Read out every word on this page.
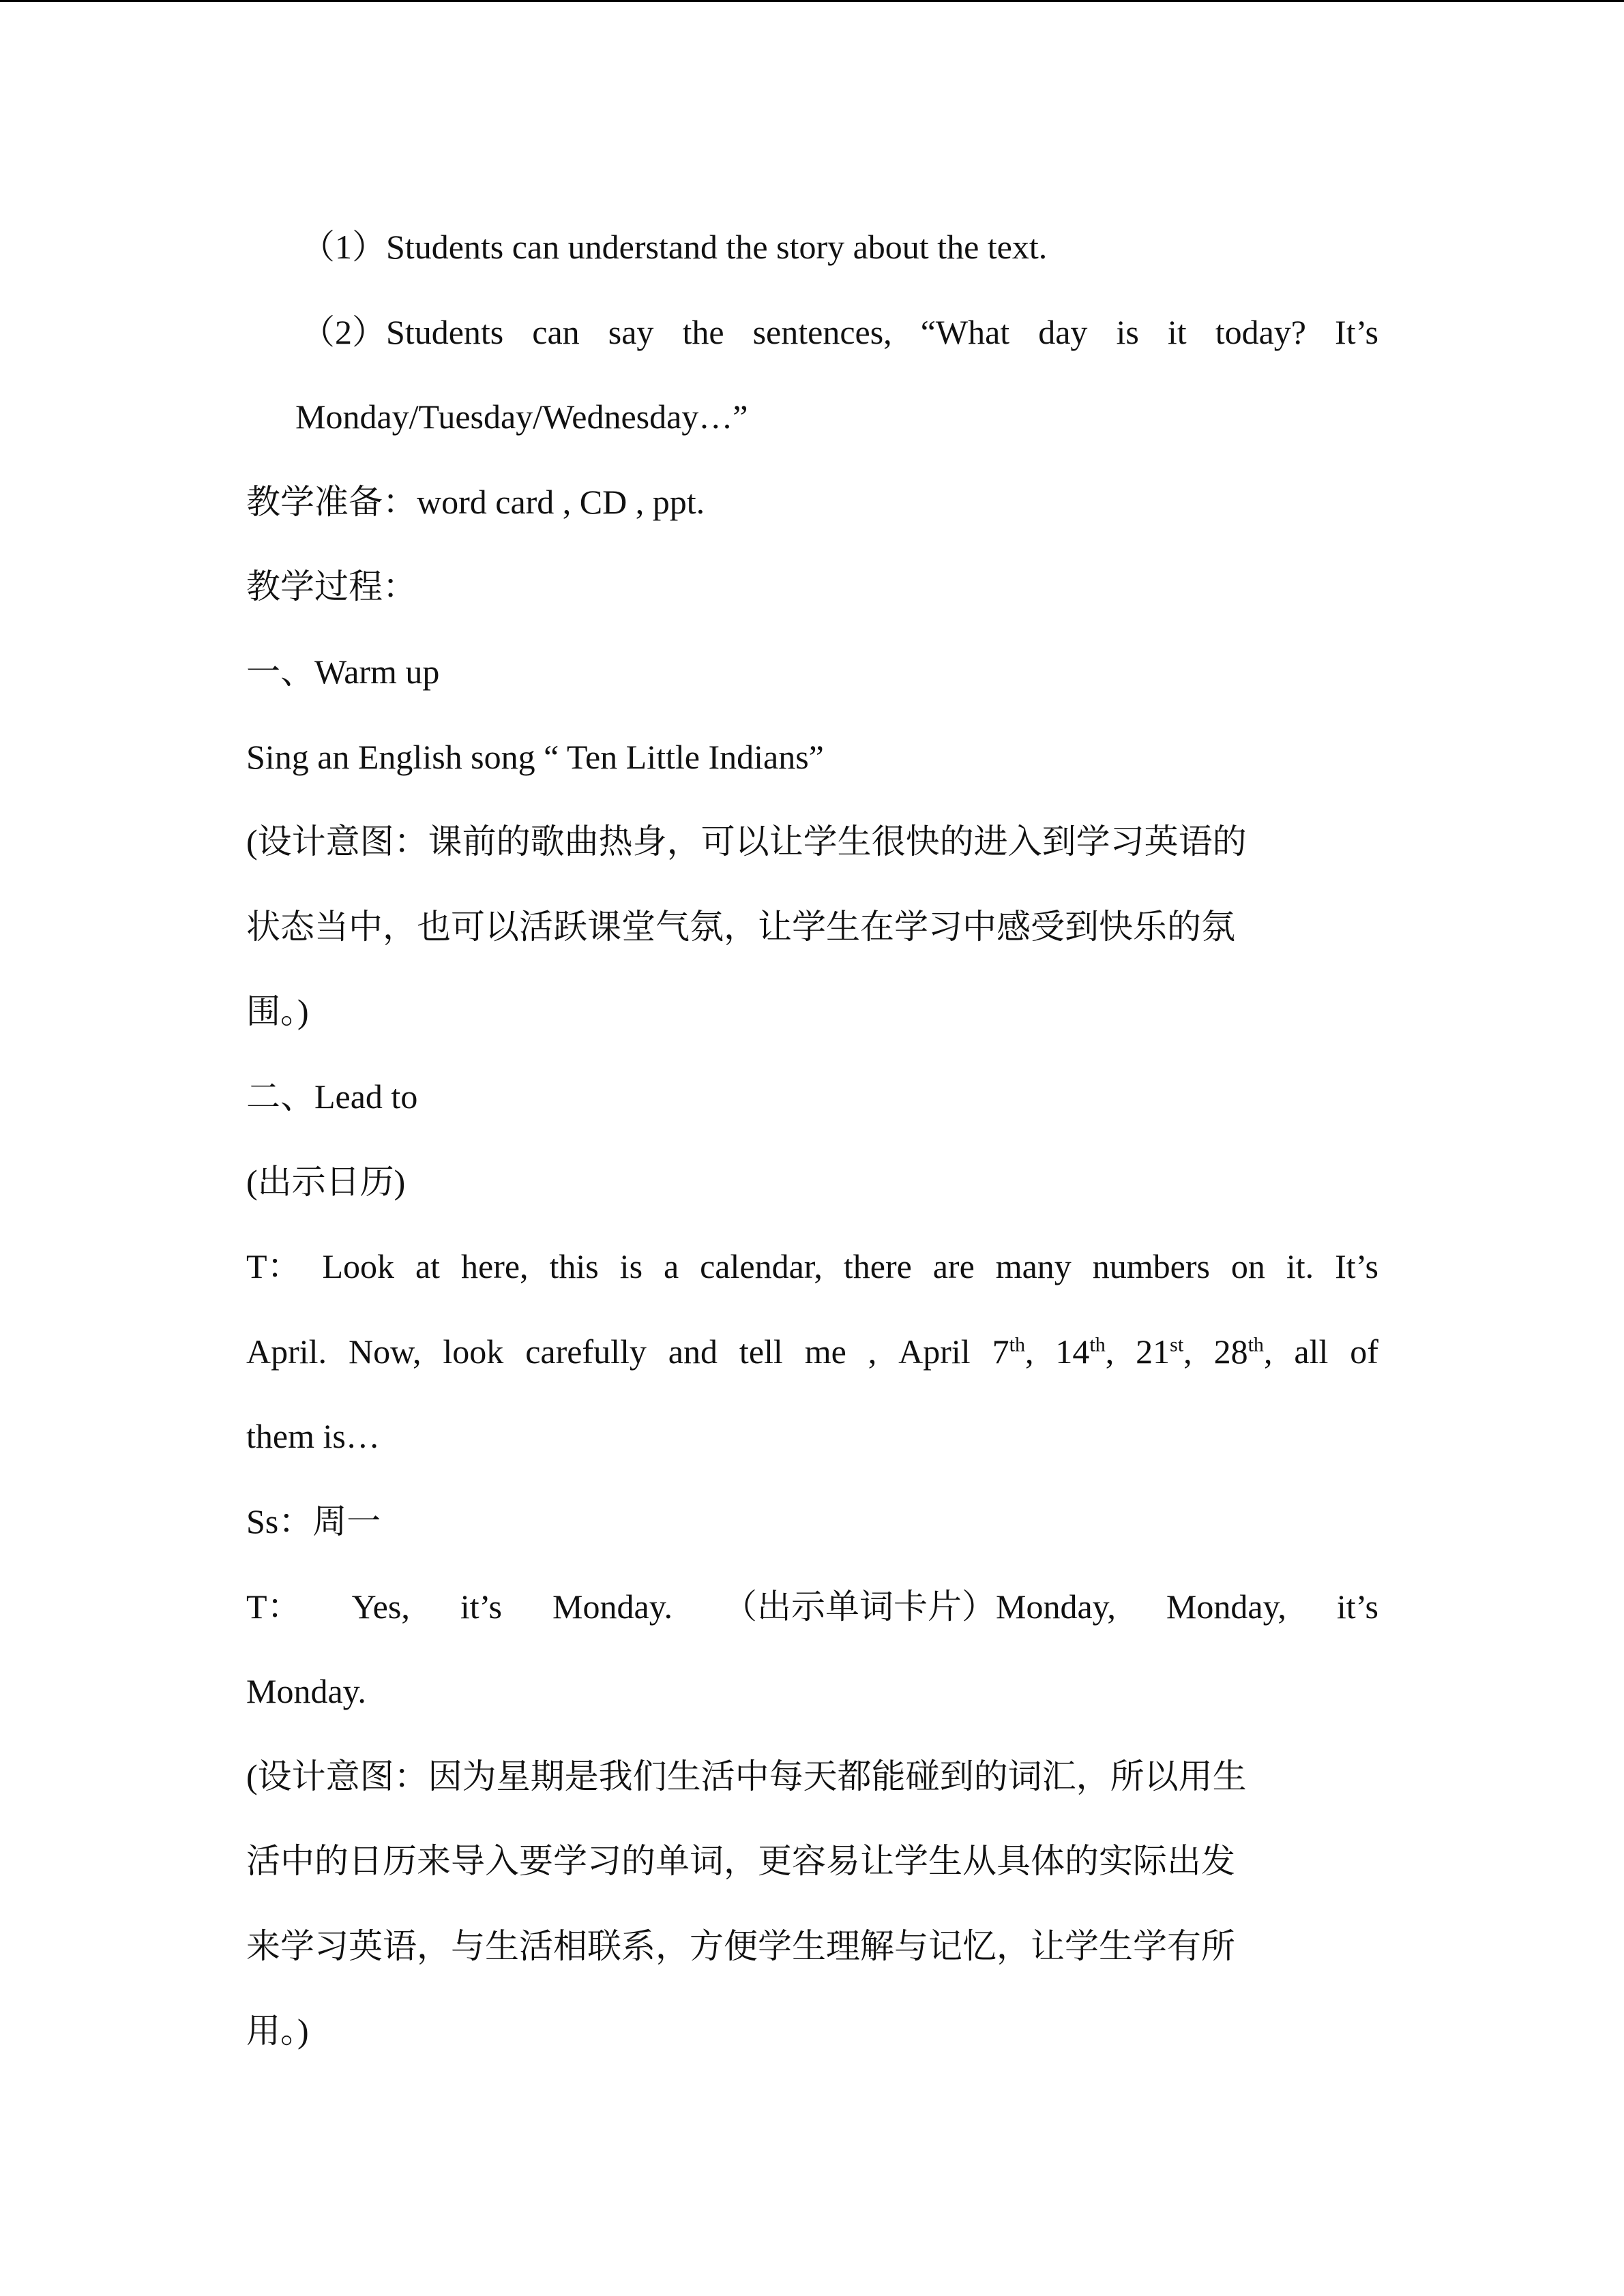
（1）Students can understand the story about the text.
（2）Students can say the sentences, “What day is it today? It’s
Monday/Tuesday/Wednesday…”
教学准备：word card , CD , ppt.
教学过程：
一、Warm up
Sing an English song “ Ten Little Indians”
(设计意图：课前的歌曲热身，可以让学生很快的进入到学习英语的
状态当中，也可以活跃课堂气氛，让学生在学习中感受到快乐的氛
围。)
二、Lead to
(出示日历)
T： Look at here, this is a calendar, there are many numbers on it. It’s
April. Now, look carefully and tell me , April 7th, 14th, 21st, 28th, all of
them is…
Ss：周一
T： Yes, it’s Monday. （出示单词卡片）Monday, Monday, it’s
Monday.
(设计意图：因为星期是我们生活中每天都能碰到的词汇，所以用生
活中的日历来导入要学习的单词，更容易让学生从具体的实际出发
来学习英语，与生活相联系，方便学生理解与记忆，让学生学有所
用。)
